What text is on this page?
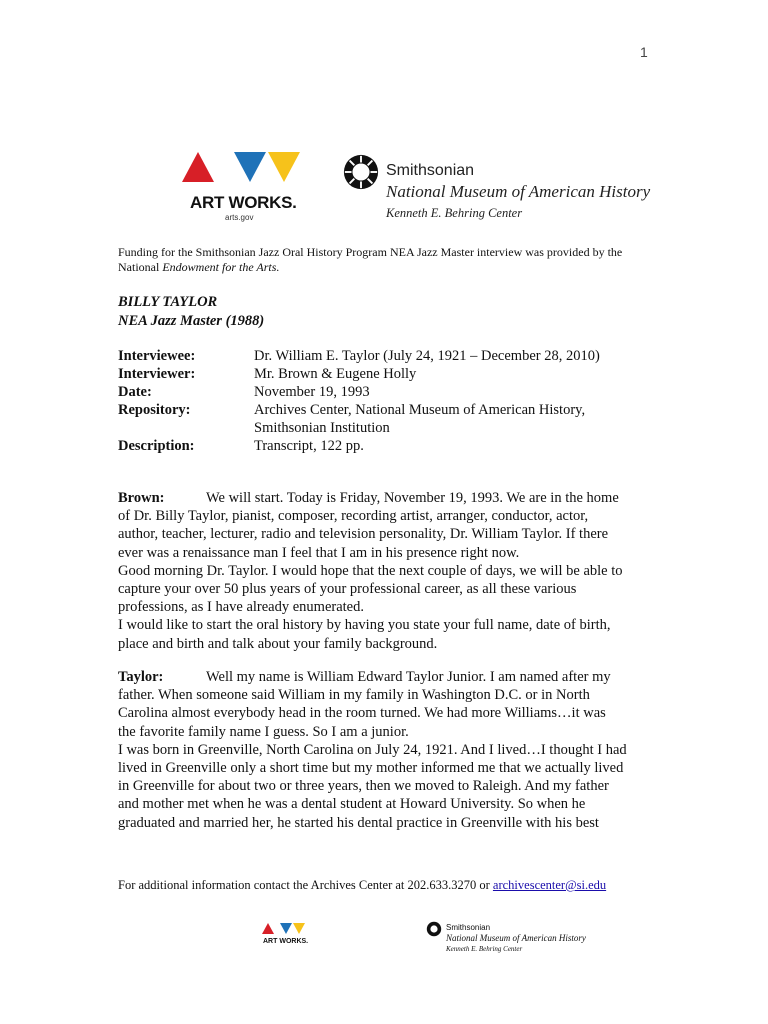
1
ART WORKS.
arts.gov
Smithsonian
National Museum of American History
Kenneth E. Behring Center
Funding for the Smithsonian Jazz Oral History Program NEA Jazz Master interview was provided by the National Endowment for the Arts.
BILLY TAYLOR
NEA Jazz Master (1988)
Interviewee:	Dr. William E. Taylor (July 24, 1921 – December 28, 2010)
Interviewer:	Mr. Brown & Eugene Holly
Date:	November 19, 1993
Repository:	Archives Center, National Museum of American History,
Smithsonian Institution
Description:	Transcript, 122 pp.

Brown:	We will start. Today is Friday, November 19, 1993. We are in the home

of Dr. Billy Taylor, pianist, composer, recording artist, arranger, conductor, actor,

author, teacher, lecturer, radio and television personality, Dr. William Taylor. If there

ever was a renaissance man I feel that I am in his presence right now.

Good morning Dr. Taylor. I would hope that the next couple of days, we will be able to

capture your over 50 plus years of your professional career, as all these various

professions, as I have already enumerated.

I would like to start the oral history by having you state your full name, date of birth,

place and birth and talk about your family background.

Taylor:	Well my name is William Edward Taylor Junior. I am named after my

father. When someone said William in my family in Washington D.C. or in North

Carolina almost everybody head in the room turned. We had more Williams…it was

the favorite family name I guess. So I am a junior.

I was born in Greenville, North Carolina on July 24, 1921. And I lived…I thought I had

lived in Greenville only a short time but my mother informed me that we actually lived

in Greenville for about two or three years, then we moved to Raleigh. And my father

and mother met when he was a dental student at Howard University. So when he

graduated and married her, he started his dental practice in Greenville with his best

For additional information contact the Archives Center at 202.633.3270 or archivescenter@si.edu
ART WORKS.
Smithsonian
National Museum of American History
Kenneth E. Behring Center
